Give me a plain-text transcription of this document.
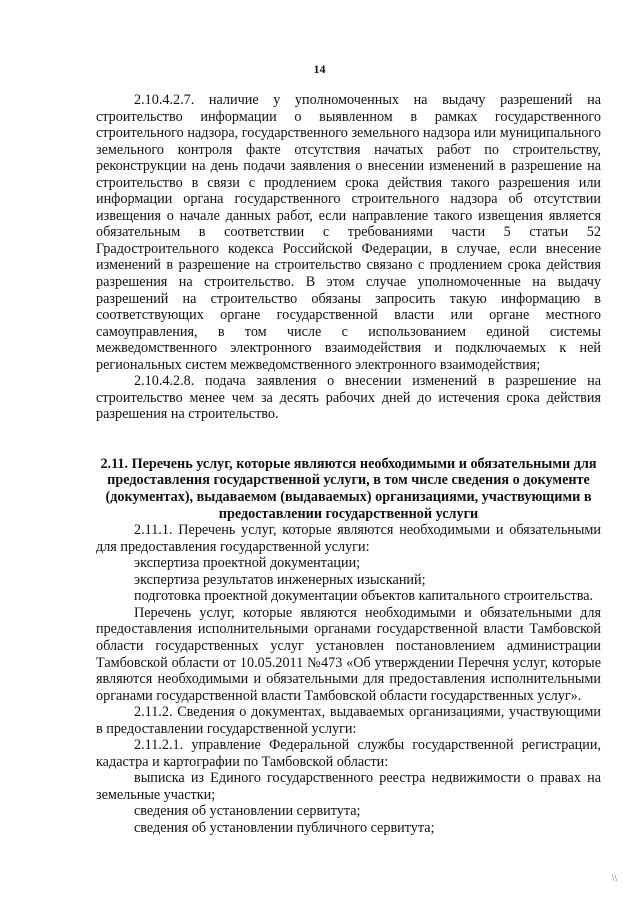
14

2.10.4.2.7. наличие у уполномоченных на выдачу разрешений на строительство информации о выявленном в рамках государственного строительного надзора, государственного земельного надзора или муниципального земельного контроля факте отсутствия начатых работ по строительству, реконструкции на день подачи заявления о внесении изменений в разрешение на строительство в связи с продлением срока действия такого разрешения или информации органа государственного строительного надзора об отсутствии извещения о начале данных работ, если направление такого извещения является обязательным в соответствии с требованиями части 5 статьи 52 Градостроительного кодекса Российской Федерации, в случае, если внесение изменений в разрешение на строительство связано с продлением срока действия разрешения на строительство. В этом случае уполномоченные на выдачу разрешений на строительство обязаны запросить такую информацию в соответствующих органе государственной власти или органе местного самоуправления, в том числе с использованием единой системы межведомственного электронного взаимодействия и подключаемых к ней региональных систем межведомственного электронного взаимодействия;

2.10.4.2.8. подача заявления о внесении изменений в разрешение на строительство менее чем за десять рабочих дней до истечения срока действия разрешения на строительство.

2.11. Перечень услуг, которые являются необходимыми и обязательными для предоставления государственной услуги, в том числе сведения о документе (документах), выдаваемом (выдаваемых) организациями, участвующими в предоставлении государственной услуги

2.11.1. Перечень услуг, которые являются необходимыми и обязательными для предоставления государственной услуги:

экспертиза проектной документации;

экспертиза результатов инженерных изысканий;

подготовка проектной документации объектов капитального строительства.

Перечень услуг, которые являются необходимыми и обязательными для предоставления исполнительными органами государственной власти Тамбовской области государственных услуг установлен постановлением администрации Тамбовской области от 10.05.2011 №473 «Об утверждении Перечня услуг, которые являются необходимыми и обязательными для предоставления исполнительными органами государственной власти Тамбовской области государственных услуг».

2.11.2. Сведения о документах, выдаваемых организациями, участвующими в предоставлении государственной услуги:

2.11.2.1. управление Федеральной службы государственной регистрации, кадастра и картографии по Тамбовской области:

выписка из Единого государственного реестра недвижимости о правах на земельные участки;

сведения об установлении сервитута;

сведения об установлении публичного сервитута;

\\
